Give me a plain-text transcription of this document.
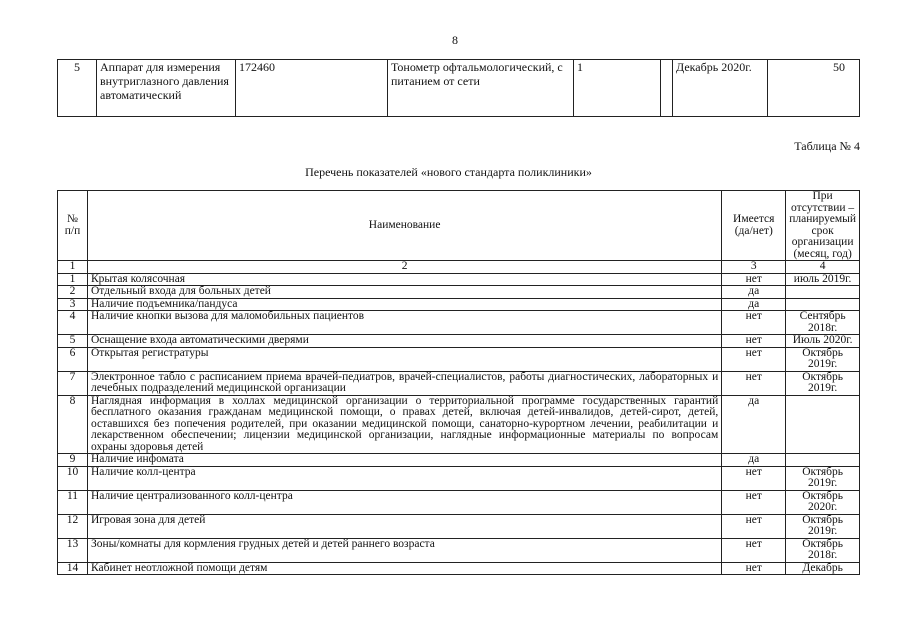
8
5	Аппарат для измерения внутриглазного давления автоматический	172460	Тонометр офтальмологический, с питанием от сети	1		Декабрь 2020г.	50
Таблица № 4
Перечень показателей «нового стандарта поликлиники»
№ п/п	Наименование	Имеется (да/нет)	При отсутствии – планируемый срок организации (месяц, год)
1	2	3	4
1	Крытая колясочная	нет	июль 2019г.
2	Отдельный входа для больных детей	да	
3	Наличие подъемника/пандуса	да	
4	Наличие кнопки вызова для маломобильных пациентов	нет	Сентябрь 2018г.
5	Оснащение входа автоматическими дверями	нет	Июль 2020г.
6	Открытая регистратуры	нет	Октябрь 2019г.
7	Электронное табло с расписанием приема врачей-педиатров, врачей-специалистов, работы диагностических, лабораторных и лечебных подразделений медицинской организации	нет	Октябрь 2019г.
8	Наглядная информация в холлах медицинской организации о территориальной программе государственных гарантий бесплатного оказания гражданам медицинской помощи, о правах детей, включая детей-инвалидов, детей-сирот, детей, оставшихся без попечения родителей, при оказании медицинской помощи, санаторно-курортном лечении, реабилитации и лекарственном обеспечении; лицензии медицинской организации, наглядные информационные материалы по вопросам охраны здоровья детей	да	
9	Наличие инфомата	да	
10	Наличие колл-центра	нет	Октябрь 2019г.
11	Наличие централизованного колл-центра	нет	Октябрь 2020г.
12	Игровая зона для детей	нет	Октябрь 2019г.
13	Зоны/комнаты для кормления грудных детей и детей раннего возраста	нет	Октябрь 2018г.
14	Кабинет неотложной помощи детям	нет	Декабрь
